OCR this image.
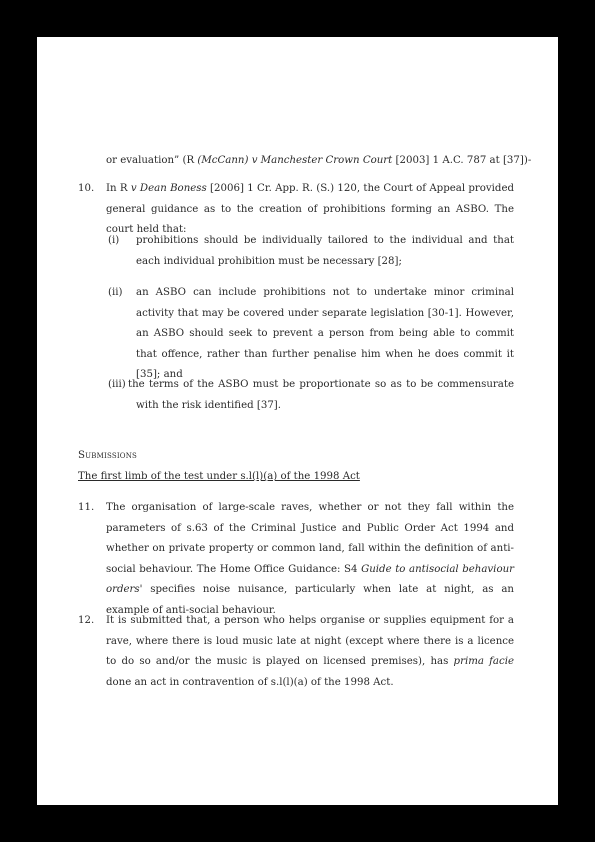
or evaluation” (R (McCann) v Manchester Crown Court [2003] 1 A.C. 787 at [37])-
10. In R v Dean Boness [2006] 1 Cr. App. R. (S.) 120, the Court of Appeal provided general guidance as to the creation of prohibitions forming an ASBO. The court held that:
(i) prohibitions should be individually tailored to the individual and that each individual prohibition must be necessary [28];
(ii) an ASBO can include prohibitions not to undertake minor criminal activity that may be covered under separate legislation [30-1]. However, an ASBO should seek to prevent a person from being able to commit that offence, rather than further penalise him when he does commit it [35]; and
(iii) the terms of the ASBO must be proportionate so as to be commensurate with the risk identified [37].
Submissions
The first limb of the test under s.l(l)(a) of the 1998 Act
11. The organisation of large-scale raves, whether or not they fall within the parameters of s.63 of the Criminal Justice and Public Order Act 1994 and whether on private property or common land, fall within the definition of anti-social behaviour. The Home Office Guidance: S4 Guide to antisocial behaviour orders' specifies noise nuisance, particularly when late at night, as an example of anti-social behaviour.
12. It is submitted that, a person who helps organise or supplies equipment for a rave, where there is loud music late at night (except where there is a licence to do so and/or the music is played on licensed premises), has prima facie done an act in contravention of s.l(l)(a) of the 1998 Act.
